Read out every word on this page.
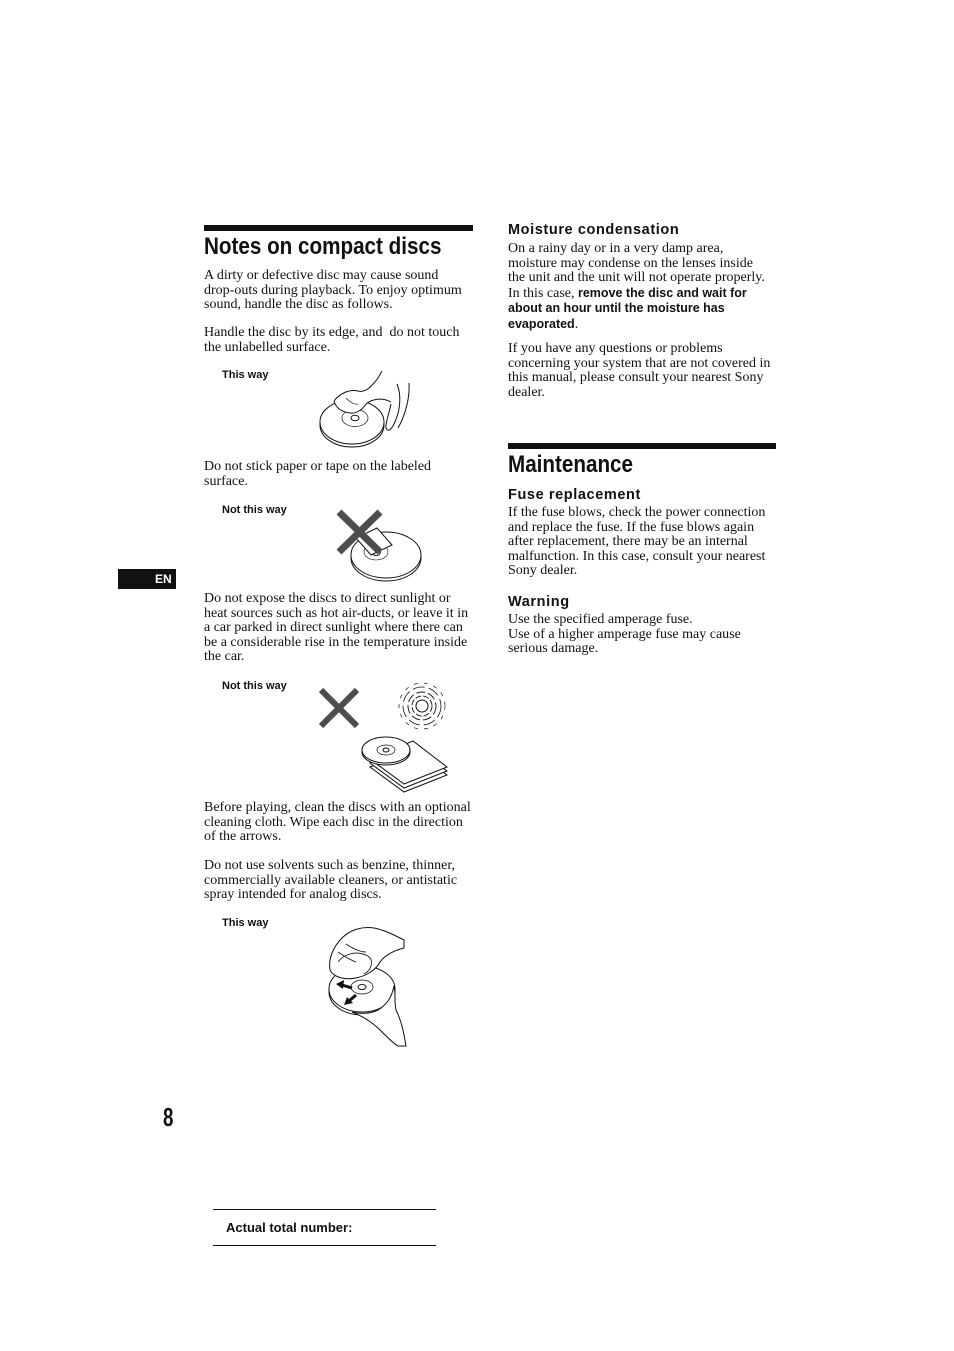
Notes on compact discs

A dirty or defective disc may cause sound
drop-outs during playback. To enjoy optimum
sound, handle the disc as follows.

Handle the disc by its edge, and  do not touch
the unlabelled surface.

This way

Do not stick paper or tape on the labeled
surface.

Not this way

EN

Do not expose the discs to direct sunlight or
heat sources such as hot air-ducts, or leave it in
a car parked in direct sunlight where there can
be a considerable rise in the temperature inside
the car.

Not this way

Before playing, clean the discs with an optional
cleaning cloth. Wipe each disc in the direction
of the arrows.

Do not use solvents such as benzine, thinner,
commercially available cleaners, or antistatic
spray intended for analog discs.

This way

8

Actual total number:

Moisture condensation

On a rainy day or in a very damp area,
moisture may condense on the lenses inside
the unit and the unit will not operate properly.
In this case, remove the disc and wait for
about an hour until the moisture has
evaporated.

If you have any questions or problems
concerning your system that are not covered in
this manual, please consult your nearest Sony
dealer.

Maintenance
Fuse replacement

If the fuse blows, check the power connection
and replace the fuse. If the fuse blows again
after replacement, there may be an internal
malfunction. In this case, consult your nearest
Sony dealer.

Warning

Use the specified amperage fuse.
Use of a higher amperage fuse may cause
serious damage.
